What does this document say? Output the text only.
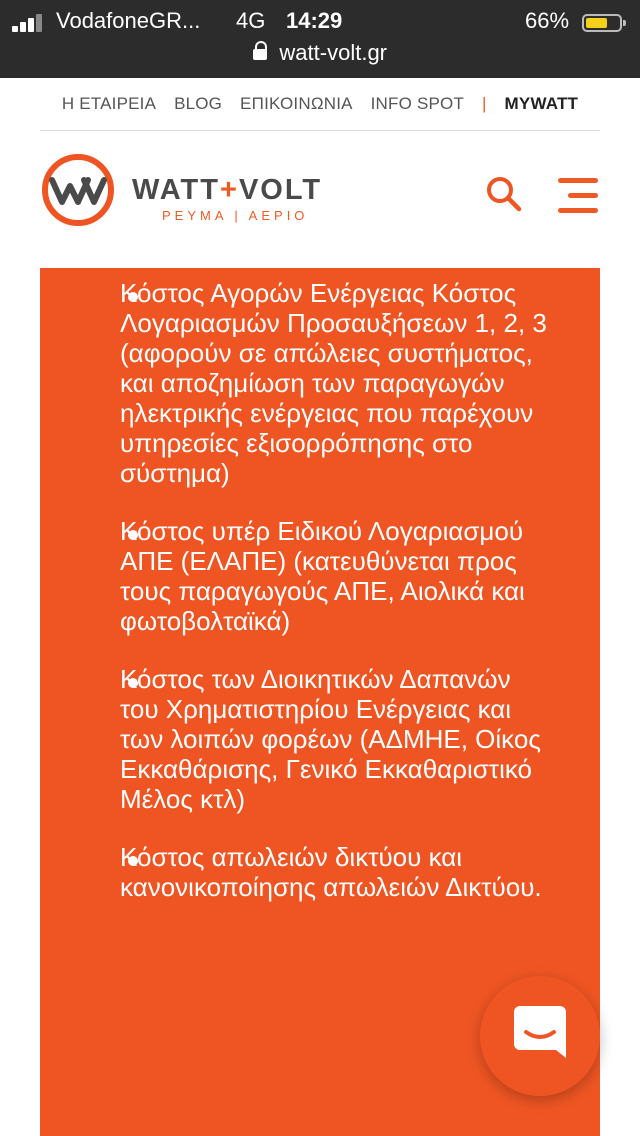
VodafoneGR... 4G 14:29	66%
watt-volt.gr
Η ΕΤΑΙΡΕΙΑ BLOG ΕΠΙΚΟΙΝΩΝΙΑ INFO SPOT | MYWATT
WATT+VOLT
ΡΕΥΜΑ | ΑΕΡΙΟ
Κόστος Αγορών Ενέργειας Κόστος Λογαριασμών Προσαυξήσεων 1, 2, 3 (αφορούν σε απώλειες συστήματος, και αποζημίωση των παραγωγών ηλεκτρικής ενέργειας που παρέχουν υπηρεσίες εξισορρόπησης στο σύστημα)
Κόστος υπέρ Ειδικού Λογαριασμού ΑΠΕ (ΕΛΑΠΕ) (κατευθύνεται προς τους παραγωγούς ΑΠΕ, Αιολικά και φωτοβολταϊκά)
Κόστος των Διοικητικών Δαπανών του Χρηματιστηρίου Ενέργειας και των λοιπών φορέων (ΑΔΜΗΕ, Οίκος Εκκαθάρισης, Γενικό Εκκαθαριστικό Μέλος κτλ)
Κόστος απωλειών δικτύου και κανονικοποίησης απωλειών Δικτύου.
